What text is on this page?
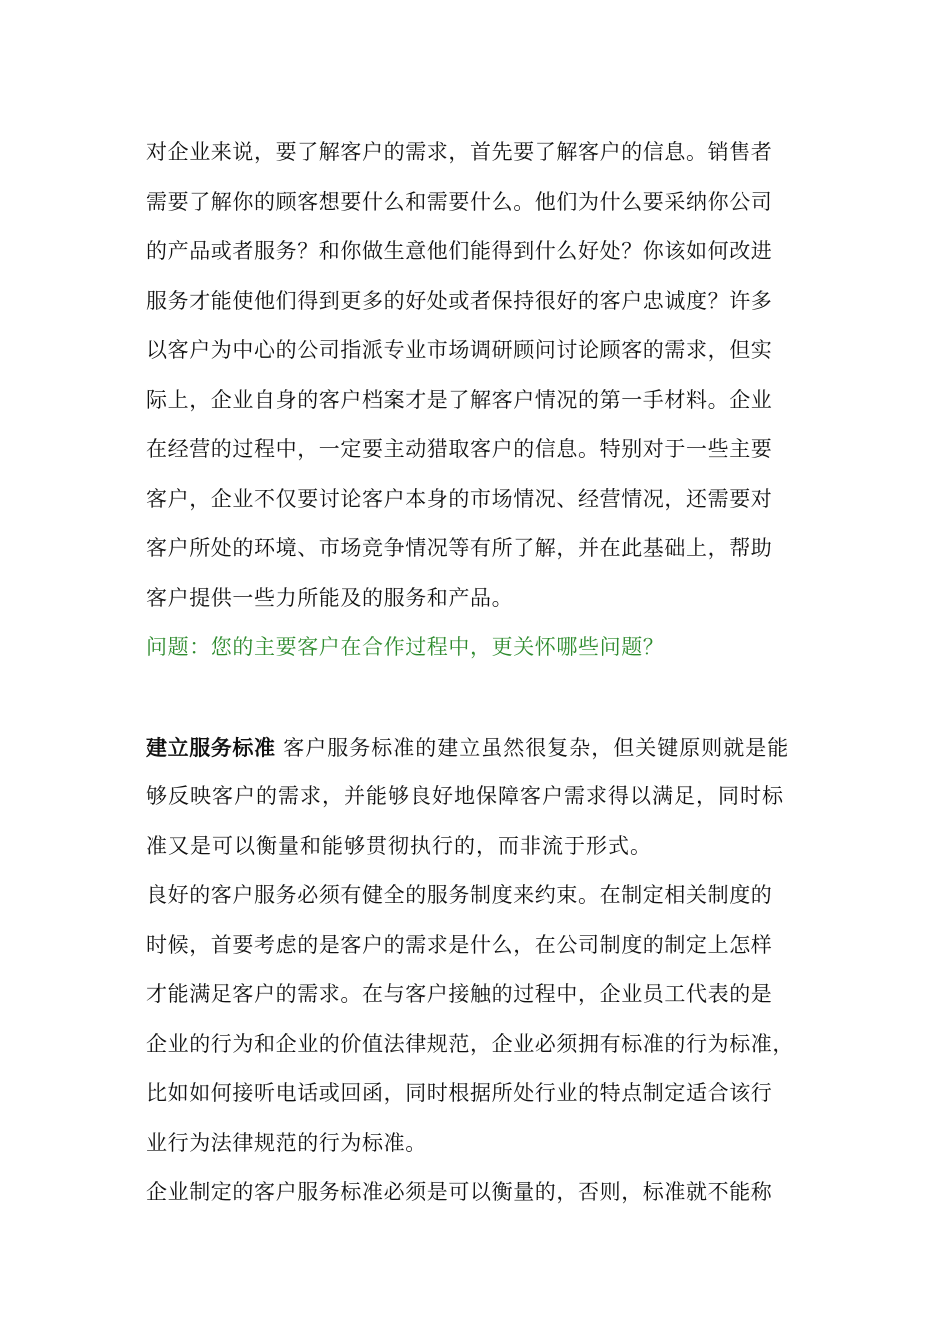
对企业来说，要了解客户的需求，首先要了解客户的信息。销售者
需要了解你的顾客想要什么和需要什么。他们为什么要采纳你公司
的产品或者服务？和你做生意他们能得到什么好处？你该如何改进
服务才能使他们得到更多的好处或者保持很好的客户忠诚度？许多
以客户为中心的公司指派专业市场调研顾问讨论顾客的需求，但实
际上，企业自身的客户档案才是了解客户情况的第一手材料。企业
在经营的过程中，一定要主动猎取客户的信息。特别对于一些主要
客户，企业不仅要讨论客户本身的市场情况、经营情况，还需要对
客户所处的环境、市场竞争情况等有所了解，并在此基础上，帮助
客户提供一些力所能及的服务和产品。
问题：您的主要客户在合作过程中，更关怀哪些问题？
建立服务标准 客户服务标准的建立虽然很复杂，但关键原则就是能
够反映客户的需求，并能够良好地保障客户需求得以满足，同时标
准又是可以衡量和能够贯彻执行的，而非流于形式。
良好的客户服务必须有健全的服务制度来约束。在制定相关制度的
时候，首要考虑的是客户的需求是什么，在公司制度的制定上怎样
才能满足客户的需求。在与客户接触的过程中，企业员工代表的是
企业的行为和企业的价值法律规范，企业必须拥有标准的行为标准，
比如如何接听电话或回函，同时根据所处行业的特点制定适合该行
业行为法律规范的行为标准。
企业制定的客户服务标准必须是可以衡量的，否则，标准就不能称
